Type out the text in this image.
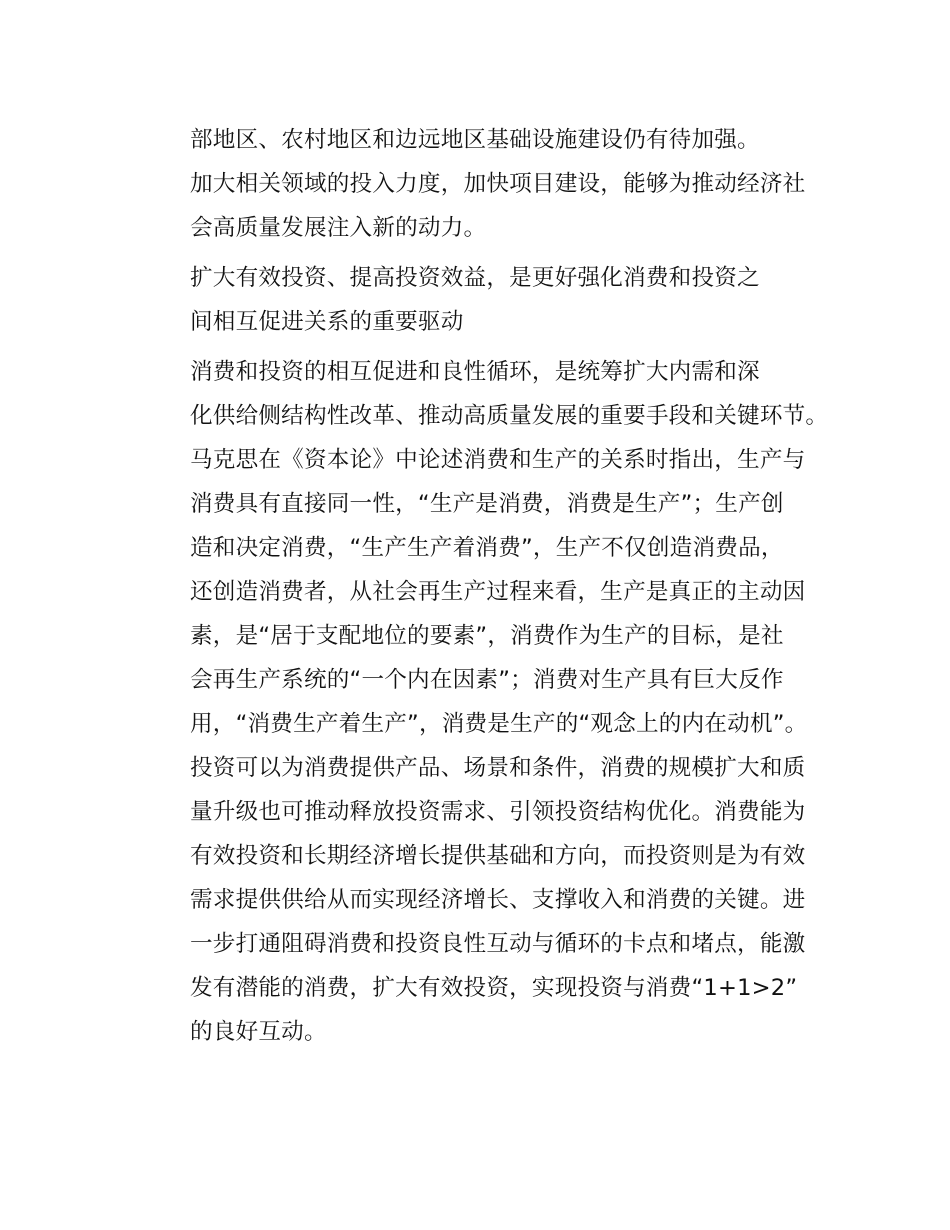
部地区、农村地区和边远地区基础设施建设仍有待加强。
加大相关领域的投入力度，加快项目建设，能够为推动经济社
会高质量发展注入新的动力。

扩大有效投资、提高投资效益，是更好强化消费和投资之
间相互促进关系的重要驱动

消费和投资的相互促进和良性循环，是统筹扩大内需和深
化供给侧结构性改革、推动高质量发展的重要手段和关键环节。
马克思在《资本论》中论述消费和生产的关系时指出，生产与
消费具有直接同一性，“生产是消费，消费是生产”；生产创
造和决定消费，“生产生产着消费”，生产不仅创造消费品，
还创造消费者，从社会再生产过程来看，生产是真正的主动因
素，是“居于支配地位的要素”，消费作为生产的目标，是社
会再生产系统的“一个内在因素”；消费对生产具有巨大反作
用，“消费生产着生产”，消费是生产的“观念上的内在动机”。
投资可以为消费提供产品、场景和条件，消费的规模扩大和质
量升级也可推动释放投资需求、引领投资结构优化。消费能为
有效投资和长期经济增长提供基础和方向，而投资则是为有效
需求提供供给从而实现经济增长、支撑收入和消费的关键。进
一步打通阻碍消费和投资良性互动与循环的卡点和堵点，能激
发有潜能的消费，扩大有效投资，实现投资与消费“1+1>2”
的良好互动。
